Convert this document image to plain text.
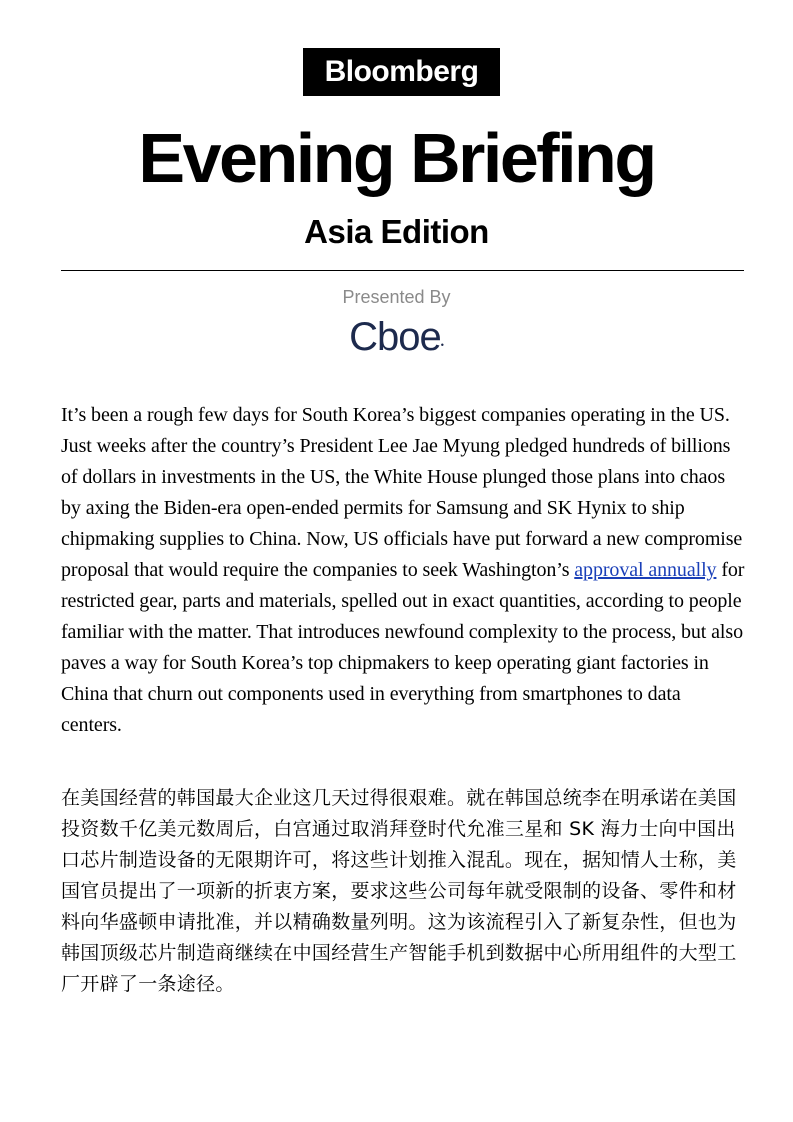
Bloomberg
Evening Briefing
Asia Edition
Presented By
Cboe•

It’s been a rough few days for South Korea’s biggest companies operating in the US. Just weeks after the country’s President Lee Jae Myung pledged hundreds of billions of dollars in investments in the US, the White House plunged those plans into chaos by axing the Biden-era open-ended permits for Samsung and SK Hynix to ship chipmaking supplies to China. Now, US officials have put forward a new compromise proposal that would require the companies to seek Washington’s approval annually for restricted gear, parts and materials, spelled out in exact quantities, according to people familiar with the matter. That introduces newfound complexity to the process, but also paves a way for South Korea’s top chipmakers to keep operating giant factories in China that churn out components used in everything from smartphones to data centers.

在美国经营的韩国最大企业这几天过得很艰难。就在韩国总统李在明承诺在美国投资数千亿美元数周后，白宫通过取消拜登时代允准三星和 SK 海力士向中国出口芯片制造设备的无限期许可，将这些计划推入混乱。现在，据知情人士称，美国官员提出了一项新的折衷方案，要求这些公司每年就受限制的设备、零件和材料向华盛顿申请批准，并以精确数量列明。这为该流程引入了新复杂性，但也为韩国顶级芯片制造商继续在中国经营生产智能手机到数据中心所用组件的大型工厂开辟了一条途径。
